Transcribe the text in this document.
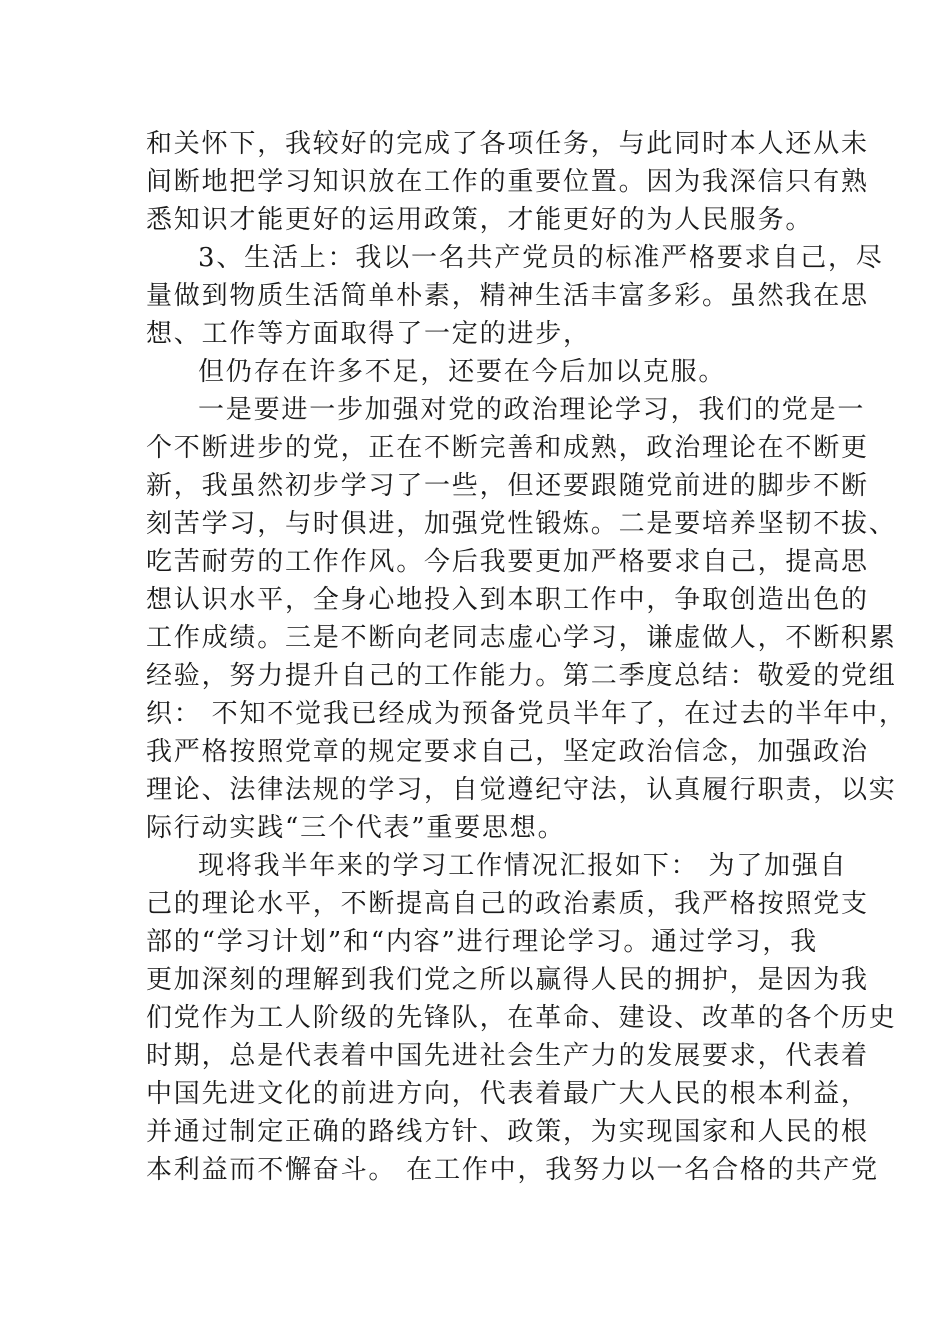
和关怀下，我较好的完成了各项任务，与此同时本人还从未
间断地把学习知识放在工作的重要位置。因为我深信只有熟
悉知识才能更好的运用政策，才能更好的为人民服务。
3、生活上：我以一名共产党员的标准严格要求自己，尽
量做到物质生活简单朴素，精神生活丰富多彩。虽然我在思
想、工作等方面取得了一定的进步，
但仍存在许多不足，还要在今后加以克服。
一是要进一步加强对党的政治理论学习，我们的党是一
个不断进步的党，正在不断完善和成熟，政治理论在不断更
新，我虽然初步学习了一些，但还要跟随党前进的脚步不断
刻苦学习，与时俱进，加强党性锻炼。二是要培养坚韧不拔、
吃苦耐劳的工作作风。今后我要更加严格要求自己，提高思
想认识水平，全身心地投入到本职工作中，争取创造出色的
工作成绩。三是不断向老同志虚心学习，谦虚做人，不断积累
经验，努力提升自己的工作能力。第二季度总结：敬爱的党组
织： 不知不觉我已经成为预备党员半年了，在过去的半年中，
我严格按照党章的规定要求自己，坚定政治信念，加强政治
理论、法律法规的学习，自觉遵纪守法，认真履行职责，以实
际行动实践“三个代表”重要思想。
现将我半年来的学习工作情况汇报如下： 为了加强自
己的理论水平，不断提高自己的政治素质，我严格按照党支
部的“学习计划”和“内容”进行理论学习。通过学习，我
更加深刻的理解到我们党之所以赢得人民的拥护，是因为我
们党作为工人阶级的先锋队，在革命、建设、改革的各个历史
时期，总是代表着中国先进社会生产力的发展要求，代表着
中国先进文化的前进方向，代表着最广大人民的根本利益，
并通过制定正确的路线方针、政策，为实现国家和人民的根
本利益而不懈奋斗。 在工作中，我努力以一名合格的共产党
